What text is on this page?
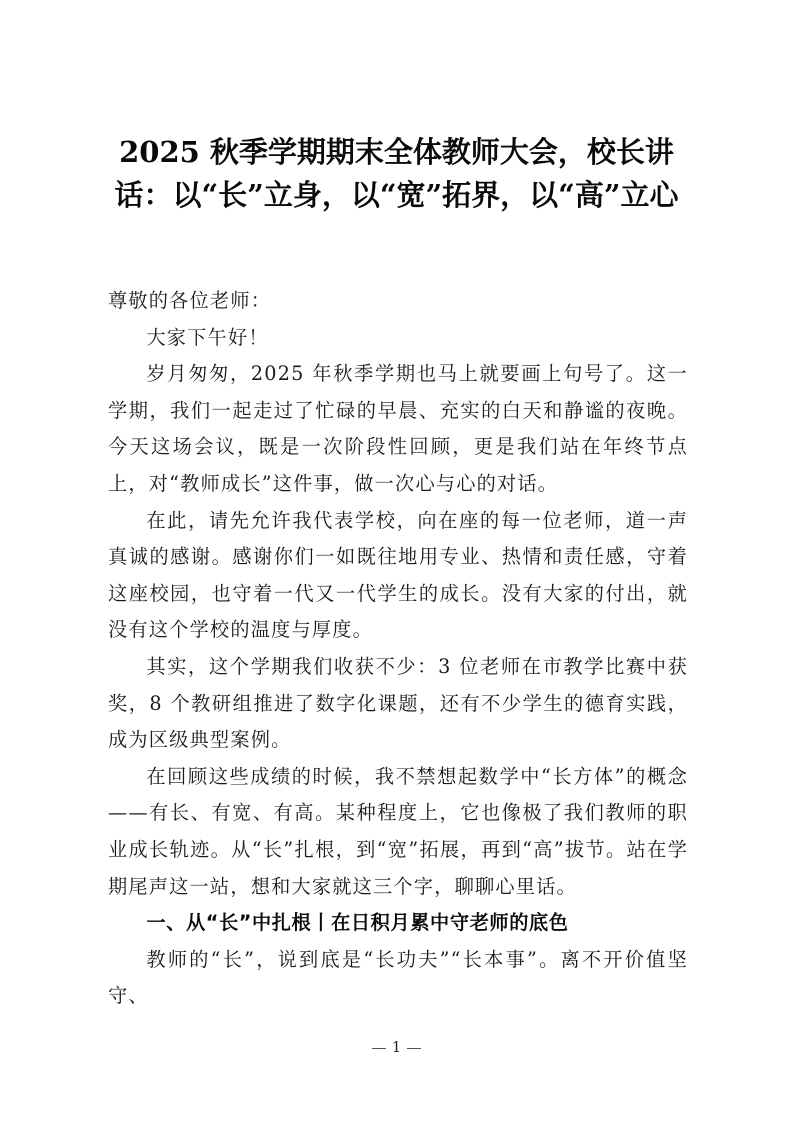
2025 秋季学期期末全体教师大会，校长讲话：以“长”立身，以“宽”拓界，以“高”立心

尊敬的各位老师：

大家下午好！

岁月匆匆，2025 年秋季学期也马上就要画上句号了。这一学期，我们一起走过了忙碌的早晨、充实的白天和静谧的夜晚。今天这场会议，既是一次阶段性回顾，更是我们站在年终节点上，对“教师成长”这件事，做一次心与心的对话。

在此，请先允许我代表学校，向在座的每一位老师，道一声真诚的感谢。感谢你们一如既往地用专业、热情和责任感，守着这座校园，也守着一代又一代学生的成长。没有大家的付出，就没有这个学校的温度与厚度。

其实，这个学期我们收获不少：3 位老师在市教学比赛中获奖，8 个教研组推进了数字化课题，还有不少学生的德育实践，成为区级典型案例。

在回顾这些成绩的时候，我不禁想起数学中“长方体”的概念——有长、有宽、有高。某种程度上，它也像极了我们教师的职业成长轨迹。从“长”扎根，到“宽”拓展，再到“高”拔节。站在学期尾声这一站，想和大家就这三个字，聊聊心里话。

一、从“长”中扎根丨在日积月累中守老师的底色

教师的“长”，说到底是“长功夫”“长本事”。离不开价值坚守、

1
